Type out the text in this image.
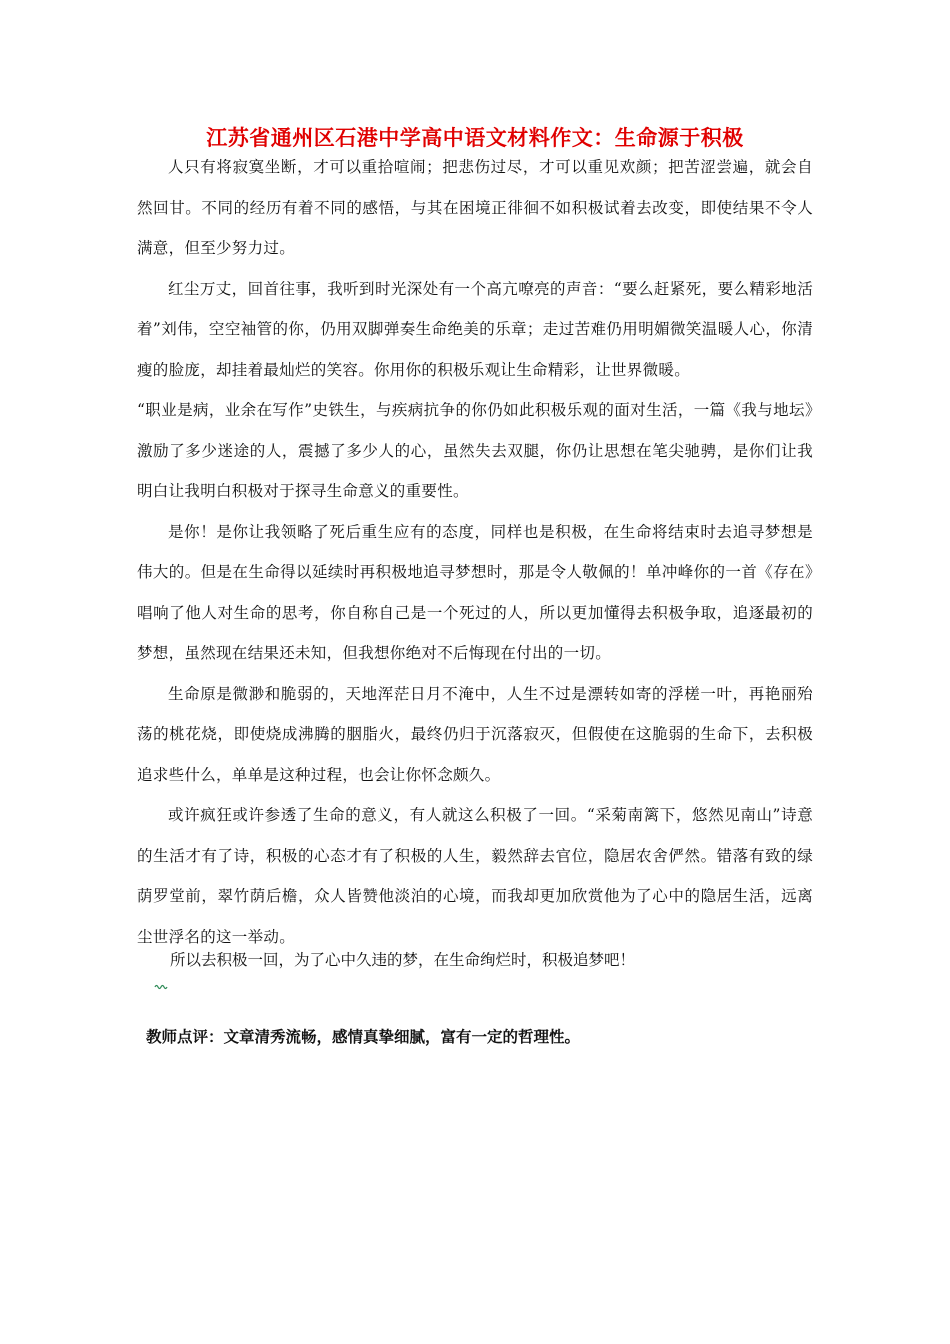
江苏省通州区石港中学高中语文材料作文：生命源于积极

人只有将寂寞坐断，才可以重拾喧闹；把悲伤过尽，才可以重见欢颜；把苦涩尝遍，就会自然回甘。不同的经历有着不同的感悟，与其在困境正徘徊不如积极试着去改变，即使结果不令人满意，但至少努力过。

红尘万丈，回首往事，我听到时光深处有一个高亢嘹亮的声音：“要么赶紧死，要么精彩地活着”刘伟，空空袖管的你，仍用双脚弹奏生命绝美的乐章；走过苦难仍用明媚微笑温暖人心，你清瘦的脸庞，却挂着最灿烂的笑容。你用你的积极乐观让生命精彩，让世界微暖。

“职业是病，业余在写作”史铁生，与疾病抗争的你仍如此积极乐观的面对生活，一篇《我与地坛》激励了多少迷途的人，震撼了多少人的心，虽然失去双腿，你仍让思想在笔尖驰骋，是你们让我明白让我明白积极对于探寻生命意义的重要性。

是你！是你让我领略了死后重生应有的态度，同样也是积极，在生命将结束时去追寻梦想是伟大的。但是在生命得以延续时再积极地追寻梦想时，那是令人敬佩的！单冲峰你的一首《存在》唱响了他人对生命的思考，你自称自己是一个死过的人，所以更加懂得去积极争取，追逐最初的梦想，虽然现在结果还未知，但我想你绝对不后悔现在付出的一切。

生命原是微渺和脆弱的，天地浑茫日月不淹中，人生不过是漂转如寄的浮槎一叶，再艳丽殆荡的桃花烧，即使烧成沸腾的胭脂火，最终仍归于沉落寂灭，但假使在这脆弱的生命下，去积极追求些什么，单单是这种过程，也会让你怀念颇久。

或许疯狂或许参透了生命的意义，有人就这么积极了一回。“采菊南篱下，悠然见南山”诗意的生活才有了诗，积极的心态才有了积极的人生，毅然辞去官位，隐居农舍俨然。错落有致的绿荫罗堂前，翠竹荫后檐，众人皆赞他淡泊的心境，而我却更加欣赏他为了心中的隐居生活，远离尘世浮名的这一举动。

所以去积极一回，为了心中久违的梦，在生命绚烂时，积极追梦吧！
教师点评：文章清秀流畅，感情真挚细腻，富有一定的哲理性。
